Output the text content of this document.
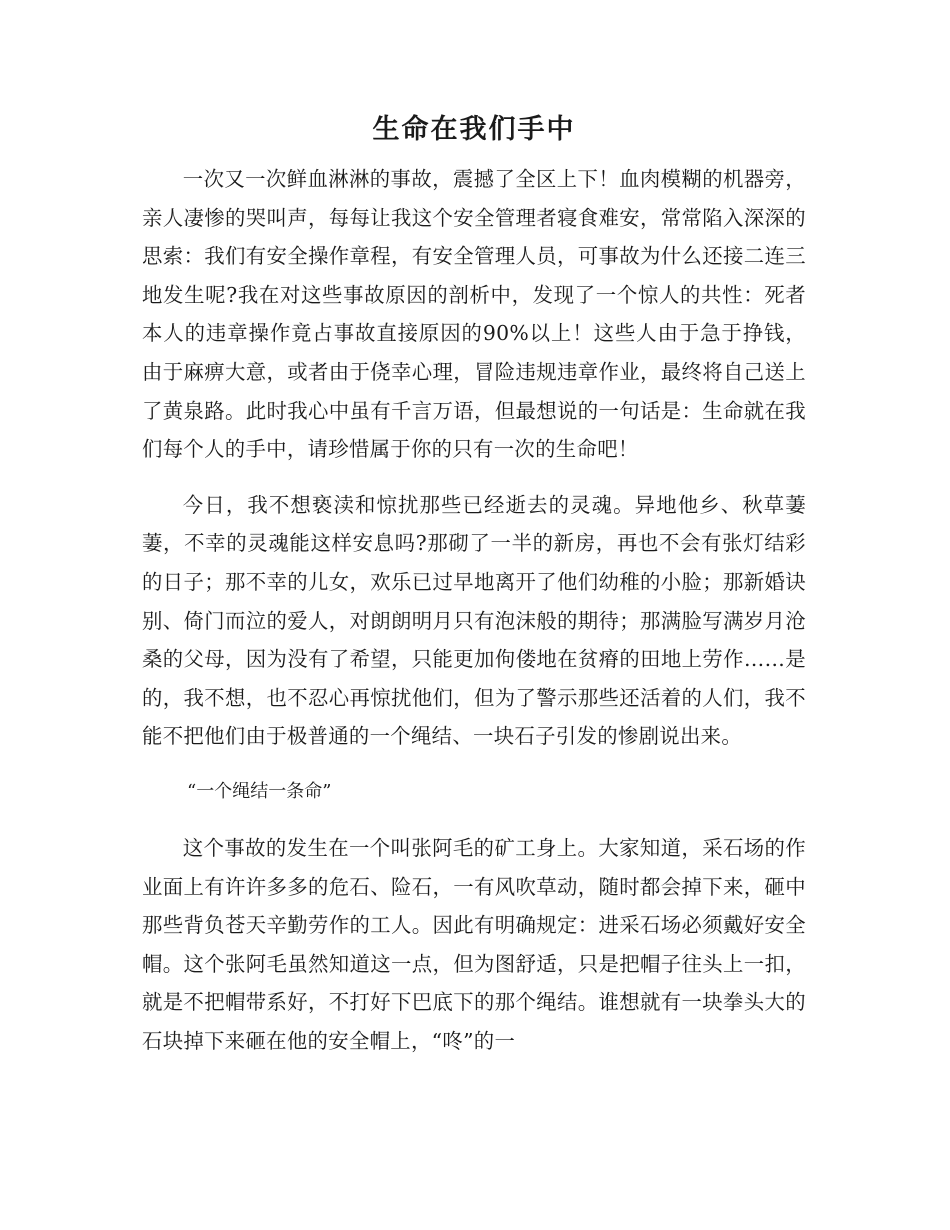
生命在我们手中

一次又一次鲜血淋淋的事故，震撼了全区上下！血肉模糊的机器旁，亲人凄惨的哭叫声，每每让我这个安全管理者寝食难安，常常陷入深深的思索：我们有安全操作章程，有安全管理人员，可事故为什么还接二连三地发生呢?我在对这些事故原因的剖析中，发现了一个惊人的共性：死者本人的违章操作竟占事故直接原因的90%以上！这些人由于急于挣钱，由于麻痹大意，或者由于侥幸心理，冒险违规违章作业，最终将自己送上了黄泉路。此时我心中虽有千言万语，但最想说的一句话是：生命就在我们每个人的手中，请珍惜属于你的只有一次的生命吧！

今日，我不想亵渎和惊扰那些已经逝去的灵魂。异地他乡、秋草萋萋，不幸的灵魂能这样安息吗?那砌了一半的新房，再也不会有张灯结彩的日子；那不幸的儿女，欢乐已过早地离开了他们幼稚的小脸；那新婚诀别、倚门而泣的爱人，对朗朗明月只有泡沫般的期待；那满脸写满岁月沧桑的父母，因为没有了希望，只能更加佝偻地在贫瘠的田地上劳作……是的，我不想，也不忍心再惊扰他们，但为了警示那些还活着的人们，我不能不把他们由于极普通的一个绳结、一块石子引发的惨剧说出来。

“一个绳结一条命”

这个事故的发生在一个叫张阿毛的矿工身上。大家知道，采石场的作业面上有许许多多的危石、险石，一有风吹草动，随时都会掉下来，砸中那些背负苍天辛勤劳作的工人。因此有明确规定：进采石场必须戴好安全帽。这个张阿毛虽然知道这一点，但为图舒适，只是把帽子往头上一扣，就是不把帽带系好，不打好下巴底下的那个绳结。谁想就有一块拳头大的石块掉下来砸在他的安全帽上，“咚”的一
